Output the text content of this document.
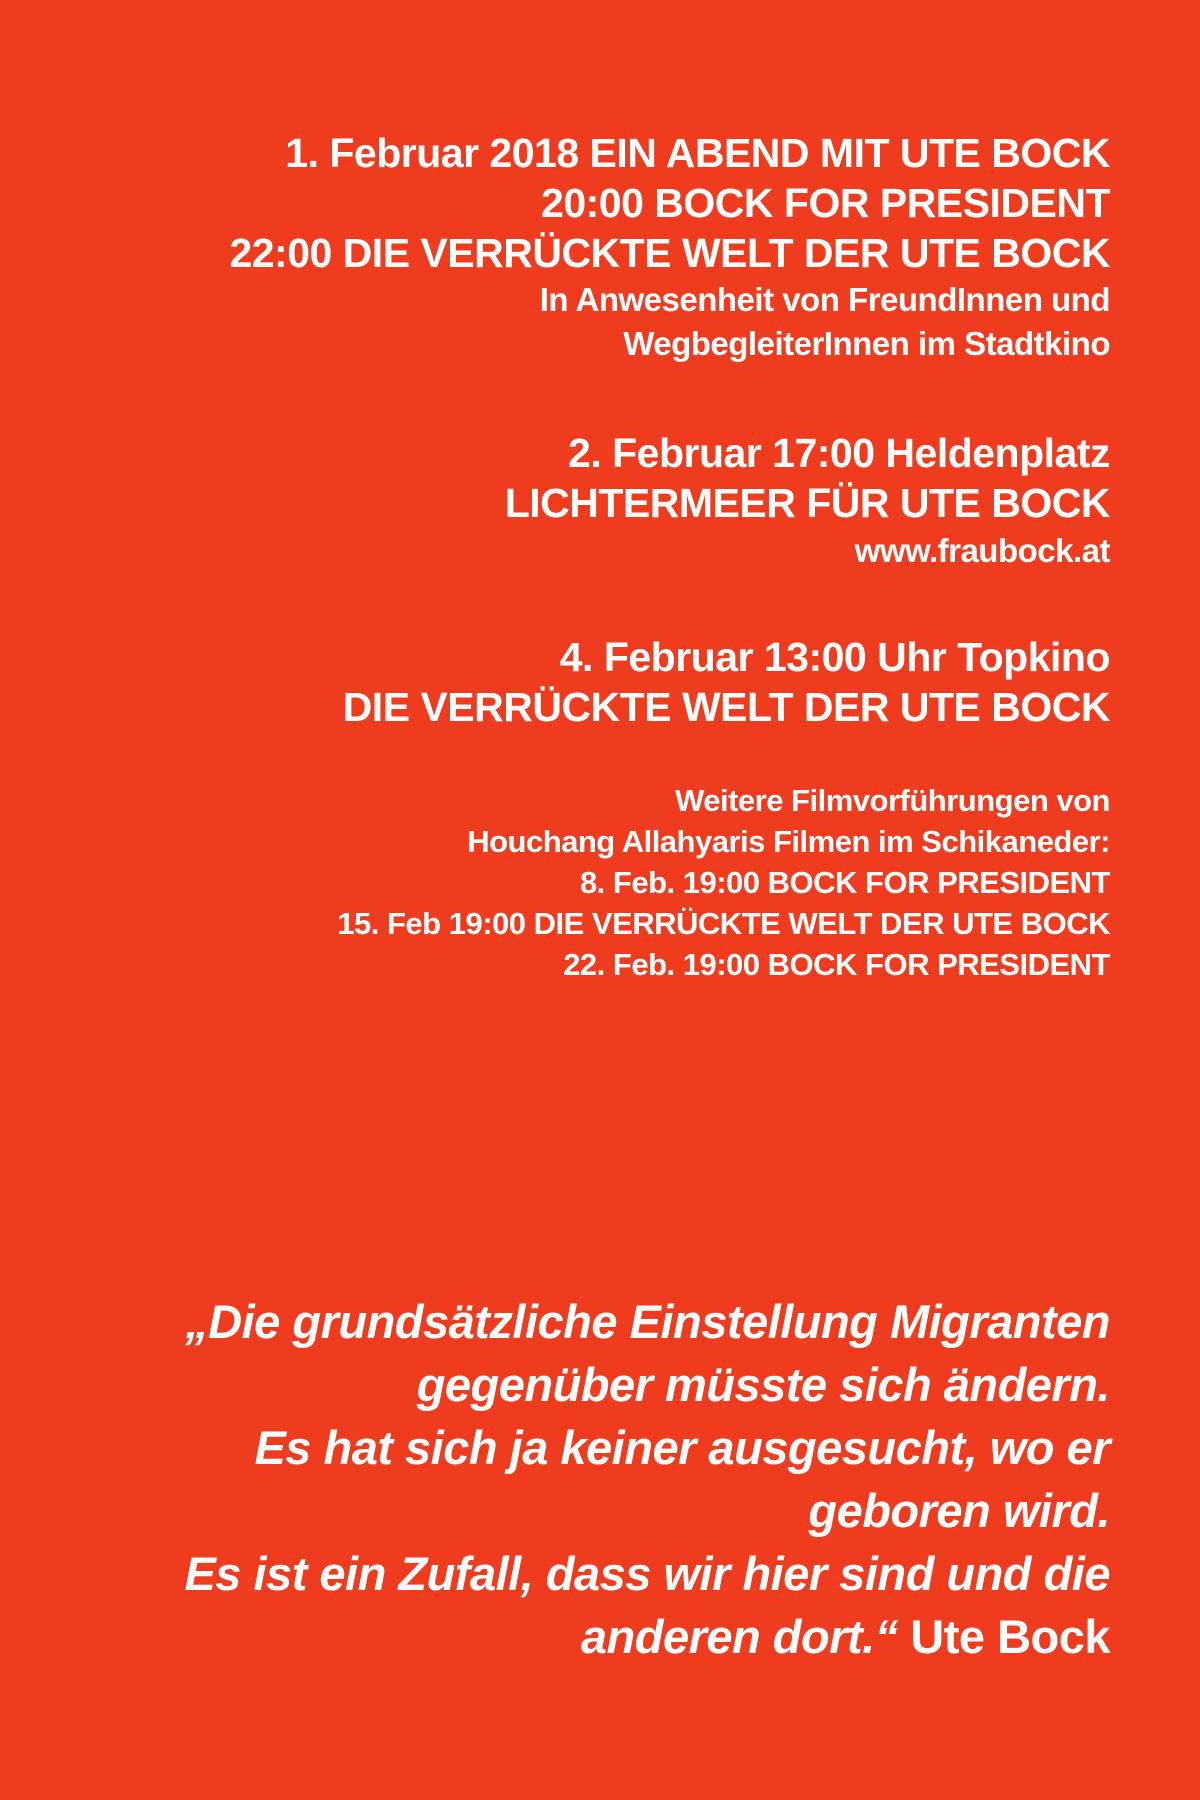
1. Februar 2018 EIN ABEND MIT UTE BOCK
20:00 BOCK FOR PRESIDENT
22:00 DIE VERRÜCKTE WELT DER UTE BOCK
In Anwesenheit von FreundInnen und
WegbegleiterInnen im Stadtkino
2. Februar 17:00 Heldenplatz
LICHTERMEER FÜR UTE BOCK
www.fraubock.at
4. Februar 13:00 Uhr Topkino
DIE VERRÜCKTE WELT DER UTE BOCK
Weitere Filmvorführungen von
Houchang Allahyaris Filmen im Schikaneder:
8. Feb. 19:00 BOCK FOR PRESIDENT
15. Feb 19:00 DIE VERRÜCKTE WELT DER UTE BOCK
22. Feb. 19:00 BOCK FOR PRESIDENT
„Die grundsätzliche Einstellung Migranten
gegenüber müsste sich ändern.
Es hat sich ja keiner ausgesucht, wo er
geboren wird.
Es ist ein Zufall, dass wir hier sind und die
anderen dort.“ Ute Bock
